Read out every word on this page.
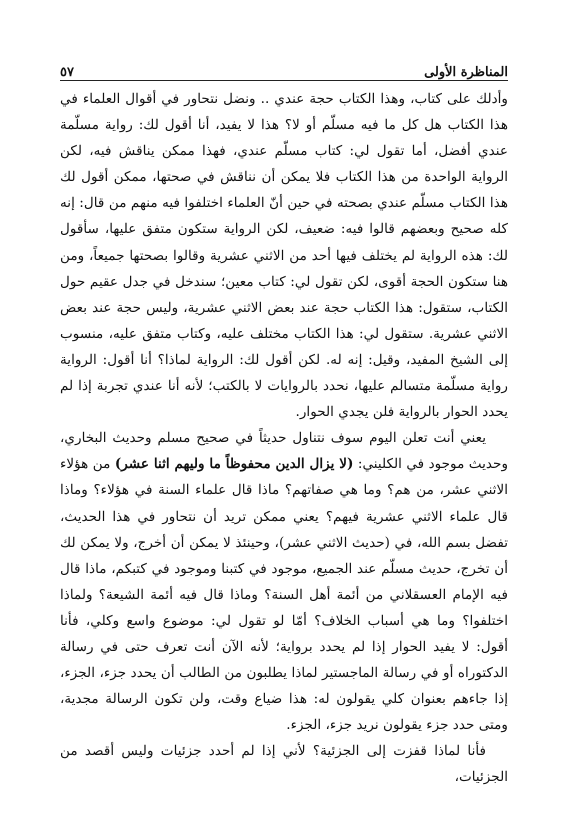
المناظرة الأولى
٥٧

وأدلك على كتاب، وهذا الكتاب حجة عندي .. ونضل نتحاور في أقوال العلماء في هذا الكتاب هل كل ما فيه مسلّم أو لا؟ هذا لا يفيد، أنا أقول لك: رواية مسلّمة عندي أفضل، أما تقول لي: كتاب مسلّم عندي، فهذا ممكن يناقش فيه، لكن الرواية الواحدة من هذا الكتاب فلا يمكن أن نناقش في صحتها، ممكن أقول لك هذا الكتاب مسلّم عندي بصحته في حين أنّ العلماء اختلفوا فيه منهم من قال: إنه كله صحيح وبعضهم قالوا فيه: ضعيف، لكن الرواية ستكون متفق عليها، سأقول لك: هذه الرواية لم يختلف فيها أحد من الاثني عشرية وقالوا بصحتها جميعاً، ومن هنا ستكون الحجة أقوى، لكن تقول لي: كتاب معين؛ سندخل في جدل عقيم حول الكتاب، ستقول: هذا الكتاب حجة عند بعض الاثني عشرية، وليس حجة عند بعض الاثني عشرية. ستقول لي: هذا الكتاب مختلف عليه، وكتاب متفق عليه، منسوب إلى الشيخ المفيد، وقيل: إنه له. لكن أقول لك: الرواية لماذا؟ أنا أقول: الرواية رواية مسلّمة متسالم عليها، نحدد بالروايات لا بالكتب؛ لأنه أنا عندي تجربة إذا لم يحدد الحوار بالرواية فلن يجدي الحوار.

يعني أنت تعلن اليوم سوف نتناول حديثاً في صحيح مسلم وحديث البخاري، وحديث موجود في الكليني: (لا يزال الدين محفوظاً ما وليهم اثنا عشر) من هؤلاء الاثني عشر، من هم؟ وما هي صفاتهم؟ ماذا قال علماء السنة في هؤلاء؟ وماذا قال علماء الاثني عشرية فيهم؟ يعني ممكن تريد أن نتحاور في هذا الحديث، تفضل بسم الله، في (حديث الاثني عشر)، وحينئذ لا يمكن أن أخرج، ولا يمكن لك أن تخرج، حديث مسلّم عند الجميع، موجود في كتبنا وموجود في كتبكم، ماذا قال فيه الإمام العسقلاني من أئمة أهل السنة؟ وماذا قال فيه أئمة الشيعة؟ ولماذا اختلفوا؟ وما هي أسباب الخلاف؟ أمّا لو تقول لي: موضوع واسع وكلي، فأنا أقول: لا يفيد الحوار إذا لم يحدد برواية؛ لأنه الآن أنت تعرف حتى في رسالة الدكتوراه أو في رسالة الماجستير لماذا يطلبون من الطالب أن يحدد جزء، الجزء، إذا جاءهم بعنوان كلي يقولون له: هذا ضياع وقت، ولن تكون الرسالة مجدية، ومتى حدد جزء يقولون نريد جزء، الجزء.

فأنا لماذا قفزت إلى الجزئية؟ لأني إذا لم أحدد جزئيات وليس أقصد من الجزئيات،
